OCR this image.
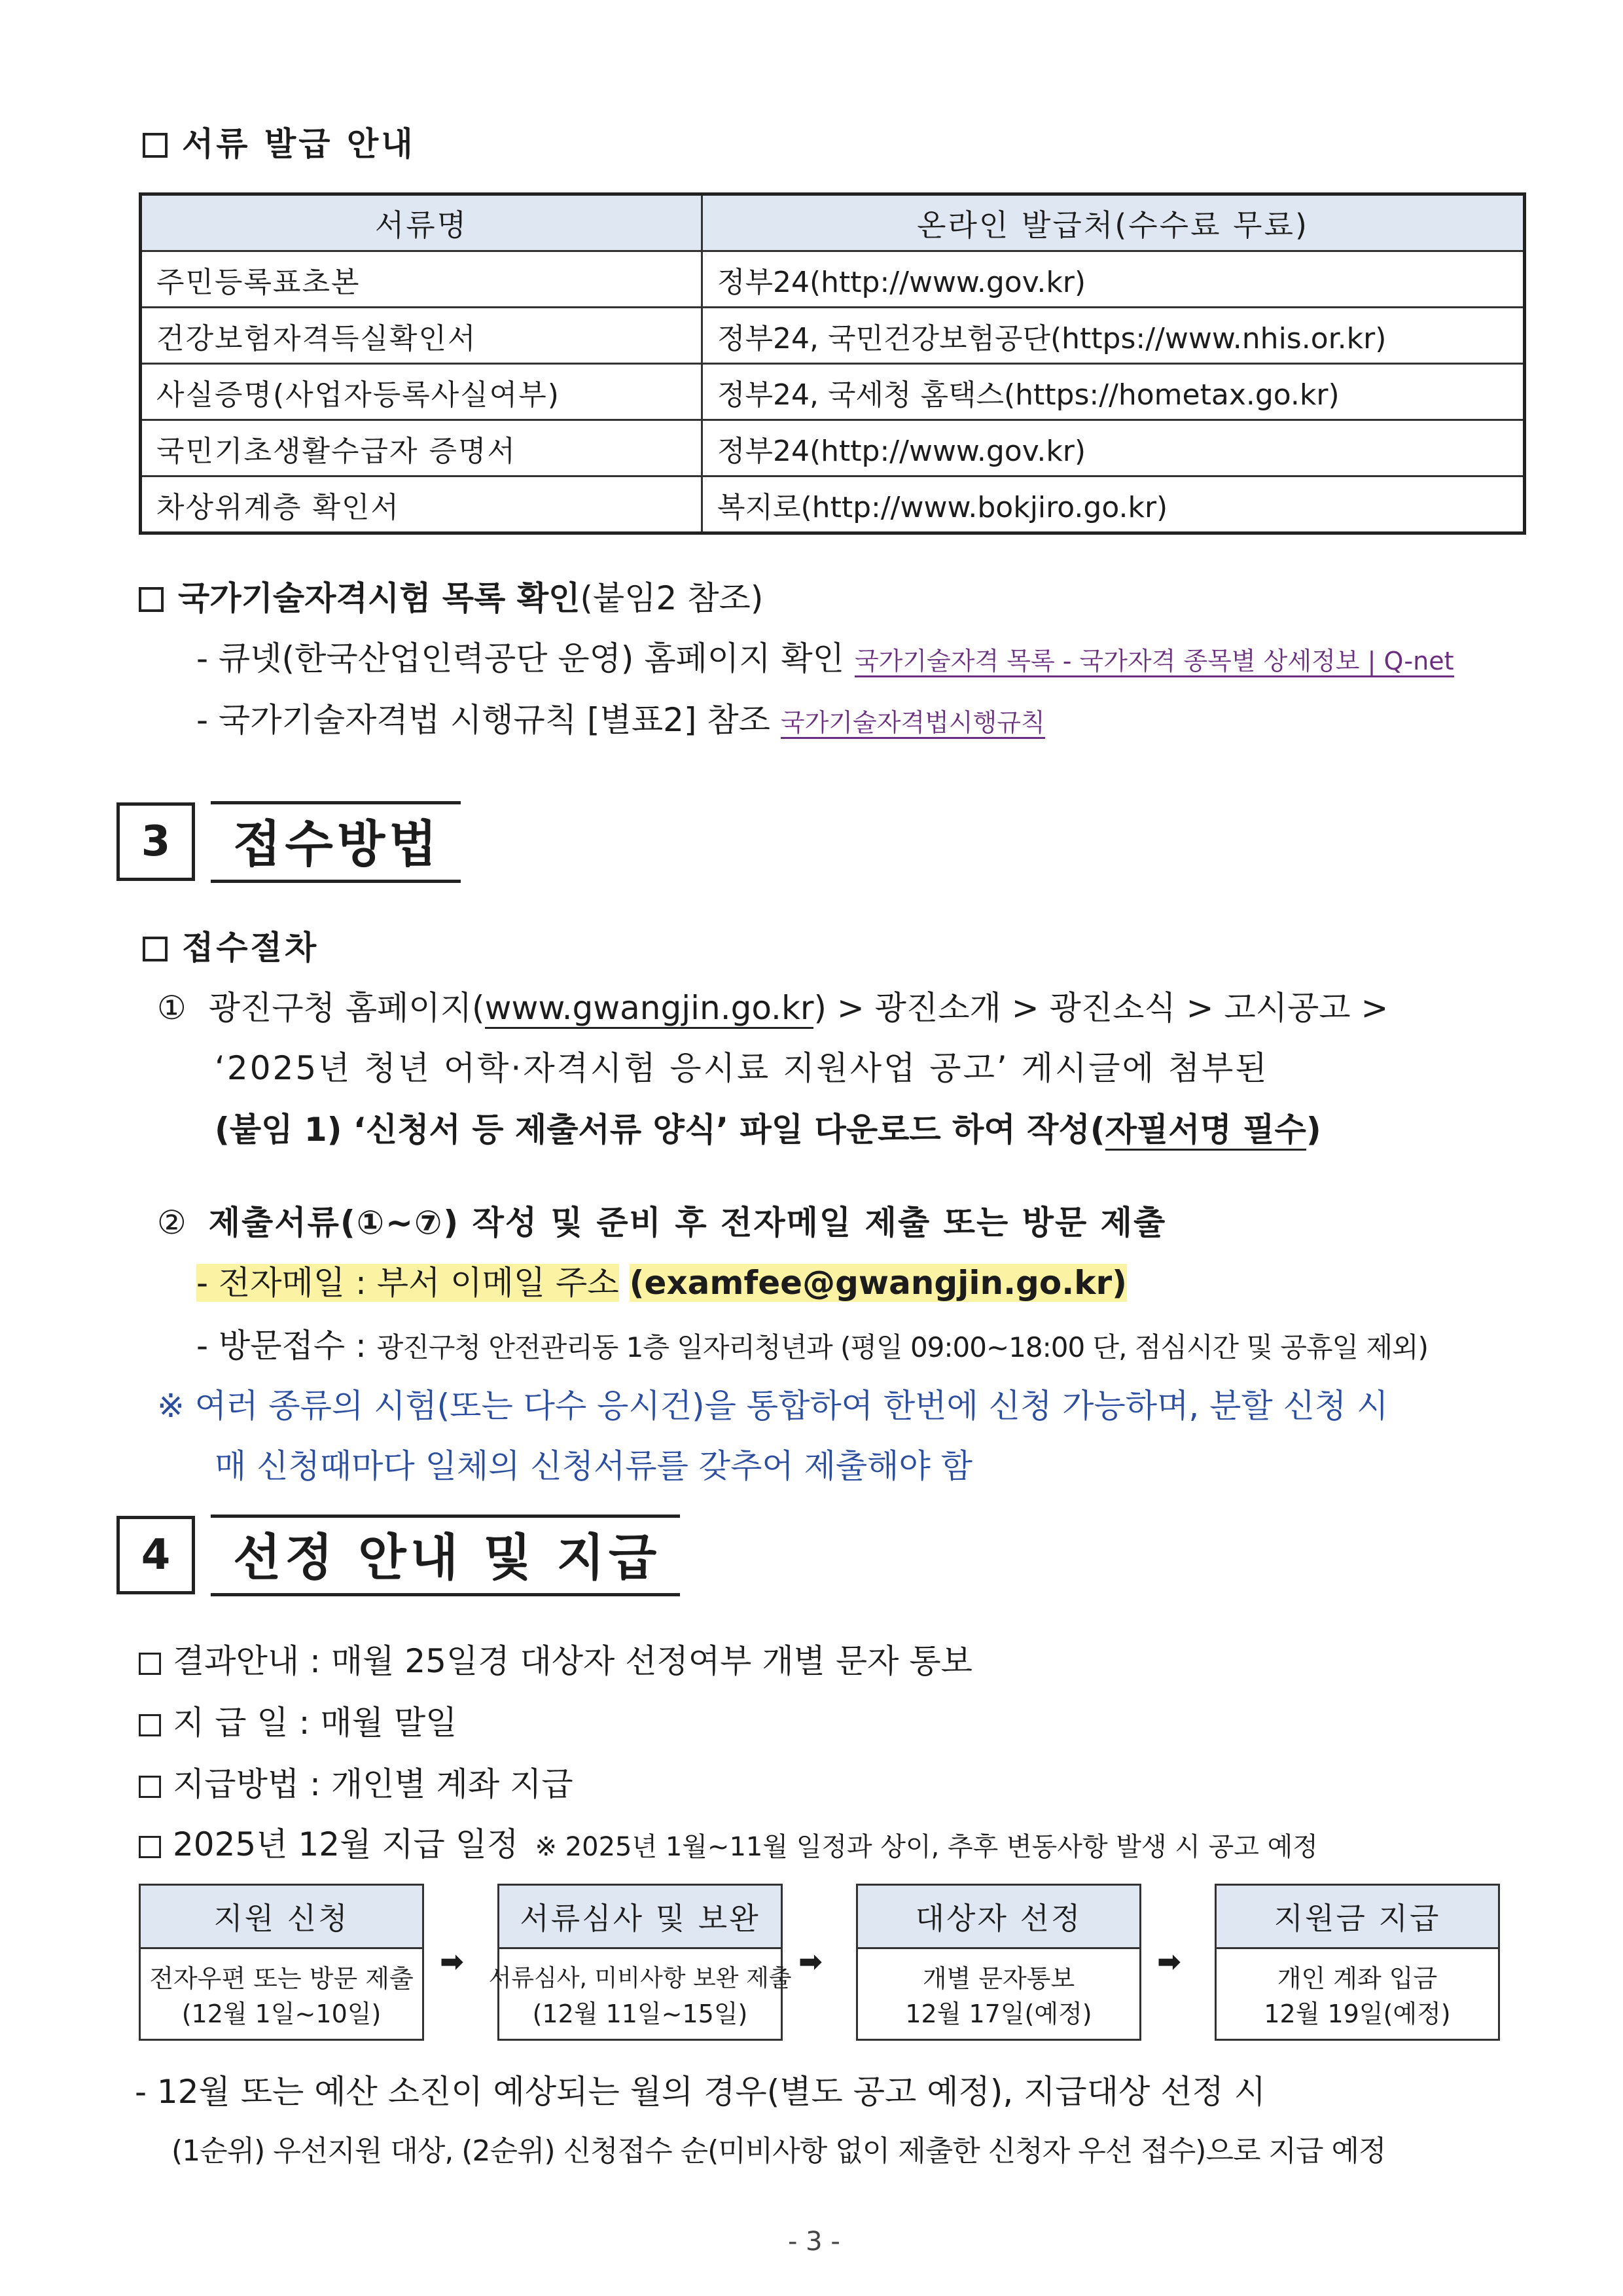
서류 발급 안내
서류명	온라인 발급처(수수료 무료)
주민등록표초본	정부24(http://www.gov.kr)
건강보험자격득실확인서	정부24, 국민건강보험공단(https://www.nhis.or.kr)
사실증명(사업자등록사실여부)	정부24, 국세청 홈택스(https://hometax.go.kr)
국민기초생활수급자 증명서	정부24(http://www.gov.kr)
차상위계층 확인서	복지로(http://www.bokjiro.go.kr)
국가기술자격시험 목록 확인(붙임2 참조)
- 큐넷(한국산업인력공단 운영) 홈페이지 확인 국가기술자격 목록 - 국가자격 종목별 상세정보 | Q-net
- 국가기술자격법 시행규칙 [별표2] 참조 국가기술자격법시행규칙
3	접수방법
접수절차
① 광진구청 홈페이지(www.gwangjin.go.kr) > 광진소개 > 광진소식 > 고시공고 >
‘2025년 청년 어학·자격시험 응시료 지원사업 공고’ 게시글에 첨부된
(붙임 1) ‘신청서 등 제출서류 양식’ 파일 다운로드 하여 작성(자필서명 필수)
② 제출서류(①~⑦) 작성 및 준비 후 전자메일 제출 또는 방문 제출
- 전자메일 : 부서 이메일 주소 (examfee@gwangjin.go.kr)
- 방문접수 : 광진구청 안전관리동 1층 일자리청년과 (평일 09:00~18:00 단, 점심시간 및 공휴일 제외)
※ 여러 종류의 시험(또는 다수 응시건)을 통합하여 한번에 신청 가능하며, 분할 신청 시
매 신청때마다 일체의 신청서류를 갖추어 제출해야 함
4	선정 안내 및 지급
결과안내 : 매월 25일경 대상자 선정여부 개별 문자 통보
지 급 일 : 매월 말일
지급방법 : 개인별 계좌 지급
2025년 12월 지급 일정 ※ 2025년 1월~11월 일정과 상이, 추후 변동사항 발생 시 공고 예정
지원 신청
전자우편 또는 방문 제출
(12월 1일~10일)
➡
서류심사 및 보완
서류심사, 미비사항 보완 제출
(12월 11일~15일)
➡
대상자 선정
개별 문자통보
12월 17일(예정)
➡
지원금 지급
개인 계좌 입금
12월 19일(예정)
- 12월 또는 예산 소진이 예상되는 월의 경우(별도 공고 예정), 지급대상 선정 시
(1순위) 우선지원 대상, (2순위) 신청접수 순(미비사항 없이 제출한 신청자 우선 접수)으로 지급 예정
- 3 -
